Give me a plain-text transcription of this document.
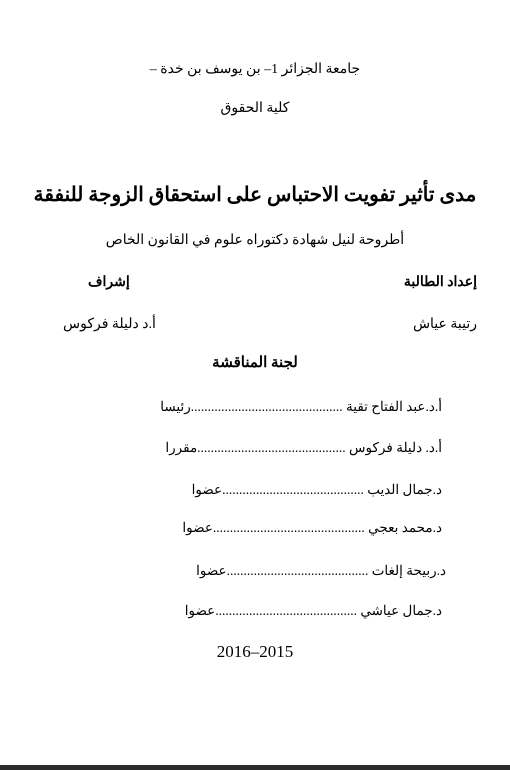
جامعة الجزائر 1– بن يوسف بن خدة –
كلية الحقوق
مدى تأثير تفويت الاحتباس على استحقاق الزوجة للنفقة
أطروحة لنيل شهادة دكتوراه علوم في القانون الخاص
إعداد الطالبة
إشراف
رتيبة عياش
أ.د دليلة فركوس
لجنة المناقشة
أ.د.عبد الفتاح تقية .............................................رئيسا
أ.د. دليلة فركوس ............................................مقررا
د.جمال الديب ..........................................عضوا
د.محمد بعجي .............................................عضوا
د.ربيحة إلغات ..........................................عضوا
د.جمال عياشي ..........................................عضوا
2016–2015
